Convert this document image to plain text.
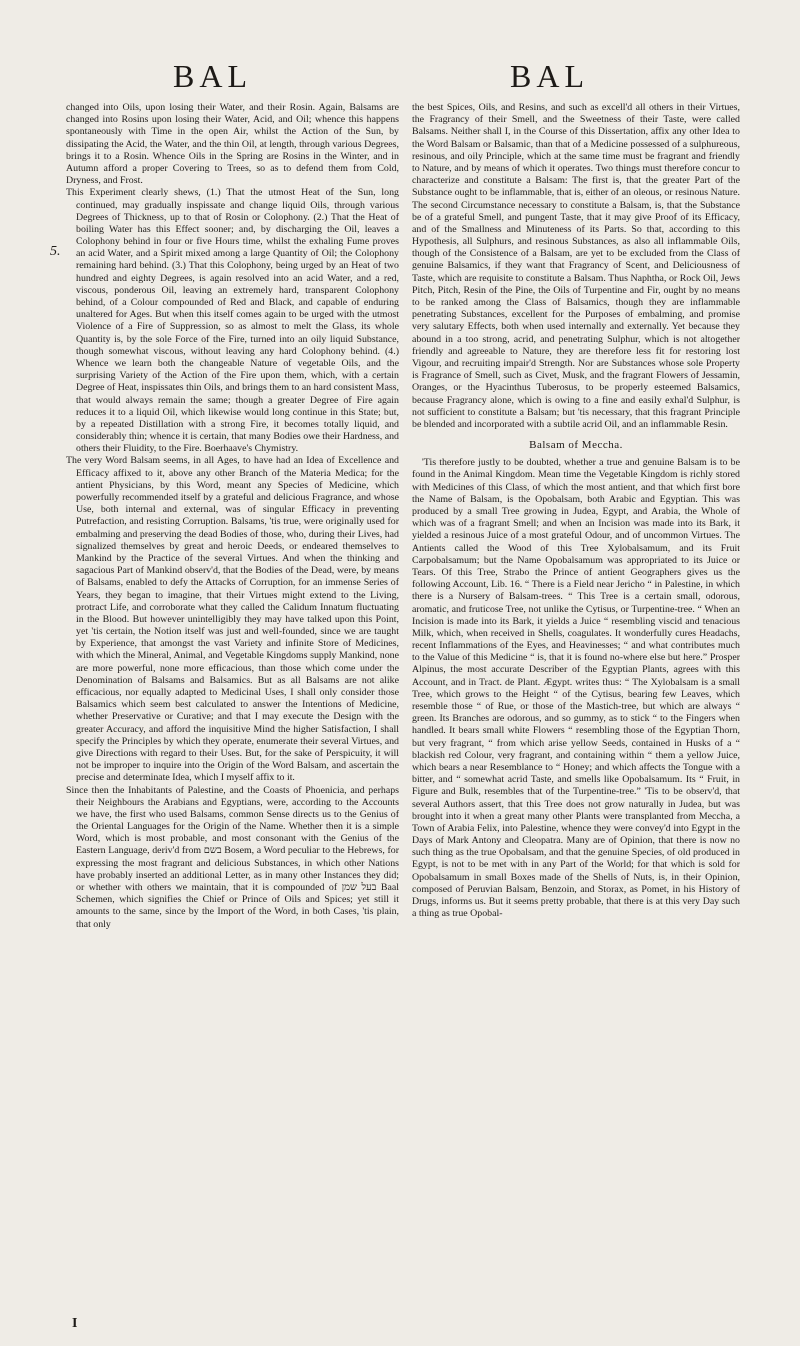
BAL	BAL
5.

changed into Oils, upon losing their Water, and their Rosin. Again, Balsams are changed into Rosins upon losing their Water, Acid, and Oil; whence this happens spontaneously with Time in the open Air, whilst the Action of the Sun, by dissipating the Acid, the Water, and the thin Oil, at length, through various Degrees, brings it to a Rosin. Whence Oils in the Spring are Rosins in the Winter, and in Autumn afford a proper Covering to Trees, so as to defend them from Cold, Dryness, and Frost.

This Experiment clearly shews, (1.) That the utmost Heat of the Sun, long continued, may gradually inspissate and change liquid Oils, through various Degrees of Thickness, up to that of Rosin or Colophony. (2.) That the Heat of boiling Water has this Effect sooner; and, by discharging the Oil, leaves a Colophony behind in four or five Hours time, whilst the exhaling Fume proves an acid Water, and a Spirit mixed among a large Quantity of Oil; the Colophony remaining hard behind. (3.) That this Colophony, being urged by an Heat of two hundred and eighty Degrees, is again resolved into an acid Water, and a red, viscous, ponderous Oil, leaving an extremely hard, transparent Colophony behind, of a Colour compounded of Red and Black, and capable of enduring unaltered for Ages. But when this itself comes again to be urged with the utmost Violence of a Fire of Suppression, so as almost to melt the Glass, its whole Quantity is, by the sole Force of the Fire, turned into an oily liquid Substance, though somewhat viscous, without leaving any hard Colophony behind. (4.) Whence we learn both the changeable Nature of vegetable Oils, and the surprising Variety of the Action of the Fire upon them, which, with a certain Degree of Heat, inspissates thin Oils, and brings them to an hard consistent Mass, that would always remain the same; though a greater Degree of Fire again reduces it to a liquid Oil, which likewise would long continue in this State; but, by a repeated Distillation with a strong Fire, it becomes totally liquid, and considerably thin; whence it is certain, that many Bodies owe their Hardness, and others their Fluidity, to the Fire. Boerhaave's Chymistry.

The very Word Balsam seems, in all Ages, to have had an Idea of Excellence and Efficacy affixed to it, above any other Branch of the Materia Medica; for the antient Physicians, by this Word, meant any Species of Medicine, which powerfully recommended itself by a grateful and delicious Fragrance, and whose Use, both internal and external, was of singular Efficacy in preventing Putrefaction, and resisting Corruption. Balsams, 'tis true, were originally used for embalming and preserving the dead Bodies of those, who, during their Lives, had signalized themselves by great and heroic Deeds, or endeared themselves to Mankind by the Practice of the several Virtues. And when the thinking and sagacious Part of Mankind observ'd, that the Bodies of the Dead, were, by means of Balsams, enabled to defy the Attacks of Corruption, for an immense Series of Years, they began to imagine, that their Virtues might extend to the Living, protract Life, and corroborate what they called the Calidum Innatum fluctuating in the Blood. But however unintelligibly they may have talked upon this Point, yet 'tis certain, the Notion itself was just and well-founded, since we are taught by Experience, that amongst the vast Variety and infinite Store of Medicines, with which the Mineral, Animal, and Vegetable Kingdoms supply Mankind, none are more powerful, none more efficacious, than those which come under the Denomination of Balsams and Balsamics. But as all Balsams are not alike efficacious, nor equally adapted to Medicinal Uses, I shall only consider those Balsamics which seem best calculated to answer the Intentions of Medicine, whether Preservative or Curative; and that I may execute the Design with the greater Accuracy, and afford the inquisitive Mind the higher Satisfaction, I shall specify the Principles by which they operate, enumerate their several Virtues, and give Directions with regard to their Uses. But, for the sake of Perspicuity, it will not be improper to inquire into the Origin of the Word Balsam, and ascertain the precise and determinate Idea, which I myself affix to it.

Since then the Inhabitants of Palestine, and the Coasts of Phoenicia, and perhaps their Neighbours the Arabians and Egyptians, were, according to the Accounts we have, the first who used Balsams, common Sense directs us to the Genius of the Oriental Languages for the Origin of the Name. Whether then it is a simple Word, which is most probable, and most consonant with the Genius of the Eastern Language, deriv'd from בשם Bosem, a Word peculiar to the Hebrews, for expressing the most fragrant and delicious Substances, in which other Nations have probably inserted an additional Letter, as in many other Instances they did; or whether with others we maintain, that it is compounded of בעל שמן Baal Schemen, which signifies the Chief or Prince of Oils and Spices; yet still it amounts to the same, since by the Import of the Word, in both Cases, 'tis plain, that only

the best Spices, Oils, and Resins, and such as excell'd all others in their Virtues, the Fragrancy of their Smell, and the Sweetness of their Taste, were called Balsams. Neither shall I, in the Course of this Dissertation, affix any other Idea to the Word Balsam or Balsamic, than that of a Medicine possessed of a sulphureous, resinous, and oily Principle, which at the same time must be fragrant and friendly to Nature, and by means of which it operates. Two things must therefore concur to characterize and constitute a Balsam: The first is, that the greater Part of the Substance ought to be inflammable, that is, either of an oleous, or resinous Nature. The second Circumstance necessary to constitute a Balsam, is, that the Substance be of a grateful Smell, and pungent Taste, that it may give Proof of its Efficacy, and of the Smallness and Minuteness of its Parts. So that, according to this Hypothesis, all Sulphurs, and resinous Substances, as also all inflammable Oils, though of the Consistence of a Balsam, are yet to be excluded from the Class of genuine Balsamics, if they want that Fragrancy of Scent, and Deliciousness of Taste, which are requisite to constitute a Balsam. Thus Naphtha, or Rock Oil, Jews Pitch, Pitch, Resin of the Pine, the Oils of Turpentine and Fir, ought by no means to be ranked among the Class of Balsamics, though they are inflammable penetrating Substances, excellent for the Purposes of embalming, and promise very salutary Effects, both when used internally and externally. Yet because they abound in a too strong, acrid, and penetrating Sulphur, which is not altogether friendly and agreeable to Nature, they are therefore less fit for restoring lost Vigour, and recruiting impair'd Strength. Nor are Substances whose sole Property is Fragrance of Smell, such as Civet, Musk, and the fragrant Flowers of Jessamin, Oranges, or the Hyacinthus Tuberosus, to be properly esteemed Balsamics, because Fragrancy alone, which is owing to a fine and easily exhal'd Sulphur, is not sufficient to constitute a Balsam; but 'tis necessary, that this fragrant Principle be blended and incorporated with a subtile acrid Oil, and an inflammable Resin.

Balsam of Meccha.

'Tis therefore justly to be doubted, whether a true and genuine Balsam is to be found in the Animal Kingdom. Mean time the Vegetable Kingdom is richly stored with Medicines of this Class, of which the most antient, and that which first bore the Name of Balsam, is the Opobalsam, both Arabic and Egyptian. This was produced by a small Tree growing in Judea, Egypt, and Arabia, the Whole of which was of a fragrant Smell; and when an Incision was made into its Bark, it yielded a resinous Juice of a most grateful Odour, and of uncommon Virtues. The Antients called the Wood of this Tree Xylobalsamum, and its Fruit Carpobalsamum; but the Name Opobalsamum was appropriated to its Juice or Tears. Of this Tree, Strabo the Prince of antient Geographers gives us the following Account, Lib. 16. “ There is a Field near Jericho “ in Palestine, in which there is a Nursery of Balsam-trees. “ This Tree is a certain small, odorous, aromatic, and fruticose Tree, not unlike the Cytisus, or Turpentine-tree. “ When an Incision is made into its Bark, it yields a Juice “ resembling viscid and tenacious Milk, which, when received in Shells, coagulates. It wonderfully cures Headachs, recent Inflammations of the Eyes, and Heavinesses; “ and what contributes much to the Value of this Medicine “ is, that it is found no-where else but here.” Prosper Alpinus, the most accurate Describer of the Egyptian Plants, agrees with this Account, and in Tract. de Plant. Ægypt. writes thus: “ The Xylobalsam is a small Tree, which grows to the Height “ of the Cytisus, bearing few Leaves, which resemble those “ of Rue, or those of the Mastich-tree, but which are always “ green. Its Branches are odorous, and so gummy, as to stick “ to the Fingers when handled. It bears small white Flowers “ resembling those of the Egyptian Thorn, but very fragrant, “ from which arise yellow Seeds, contained in Husks of a “ blackish red Colour, very fragrant, and containing within “ them a yellow Juice, which bears a near Resemblance to “ Honey; and which affects the Tongue with a bitter, and “ somewhat acrid Taste, and smells like Opobalsamum. Its “ Fruit, in Figure and Bulk, resembles that of the Turpentine-tree.” 'Tis to be observ'd, that several Authors assert, that this Tree does not grow naturally in Judea, but was brought into it when a great many other Plants were transplanted from Meccha, a Town of Arabia Felix, into Palestine, whence they were convey'd into Egypt in the Days of Mark Antony and Cleopatra. Many are of Opinion, that there is now no such thing as the true Opobalsam, and that the genuine Species, of old produced in Egypt, is not to be met with in any Part of the World; for that which is sold for Opobalsamum in small Boxes made of the Shells of Nuts, is, in their Opinion, composed of Peruvian Balsam, Benzoin, and Storax, as Pomet, in his History of Drugs, informs us. But it seems pretty probable, that there is at this very Day such a thing as true Opobal-

I
